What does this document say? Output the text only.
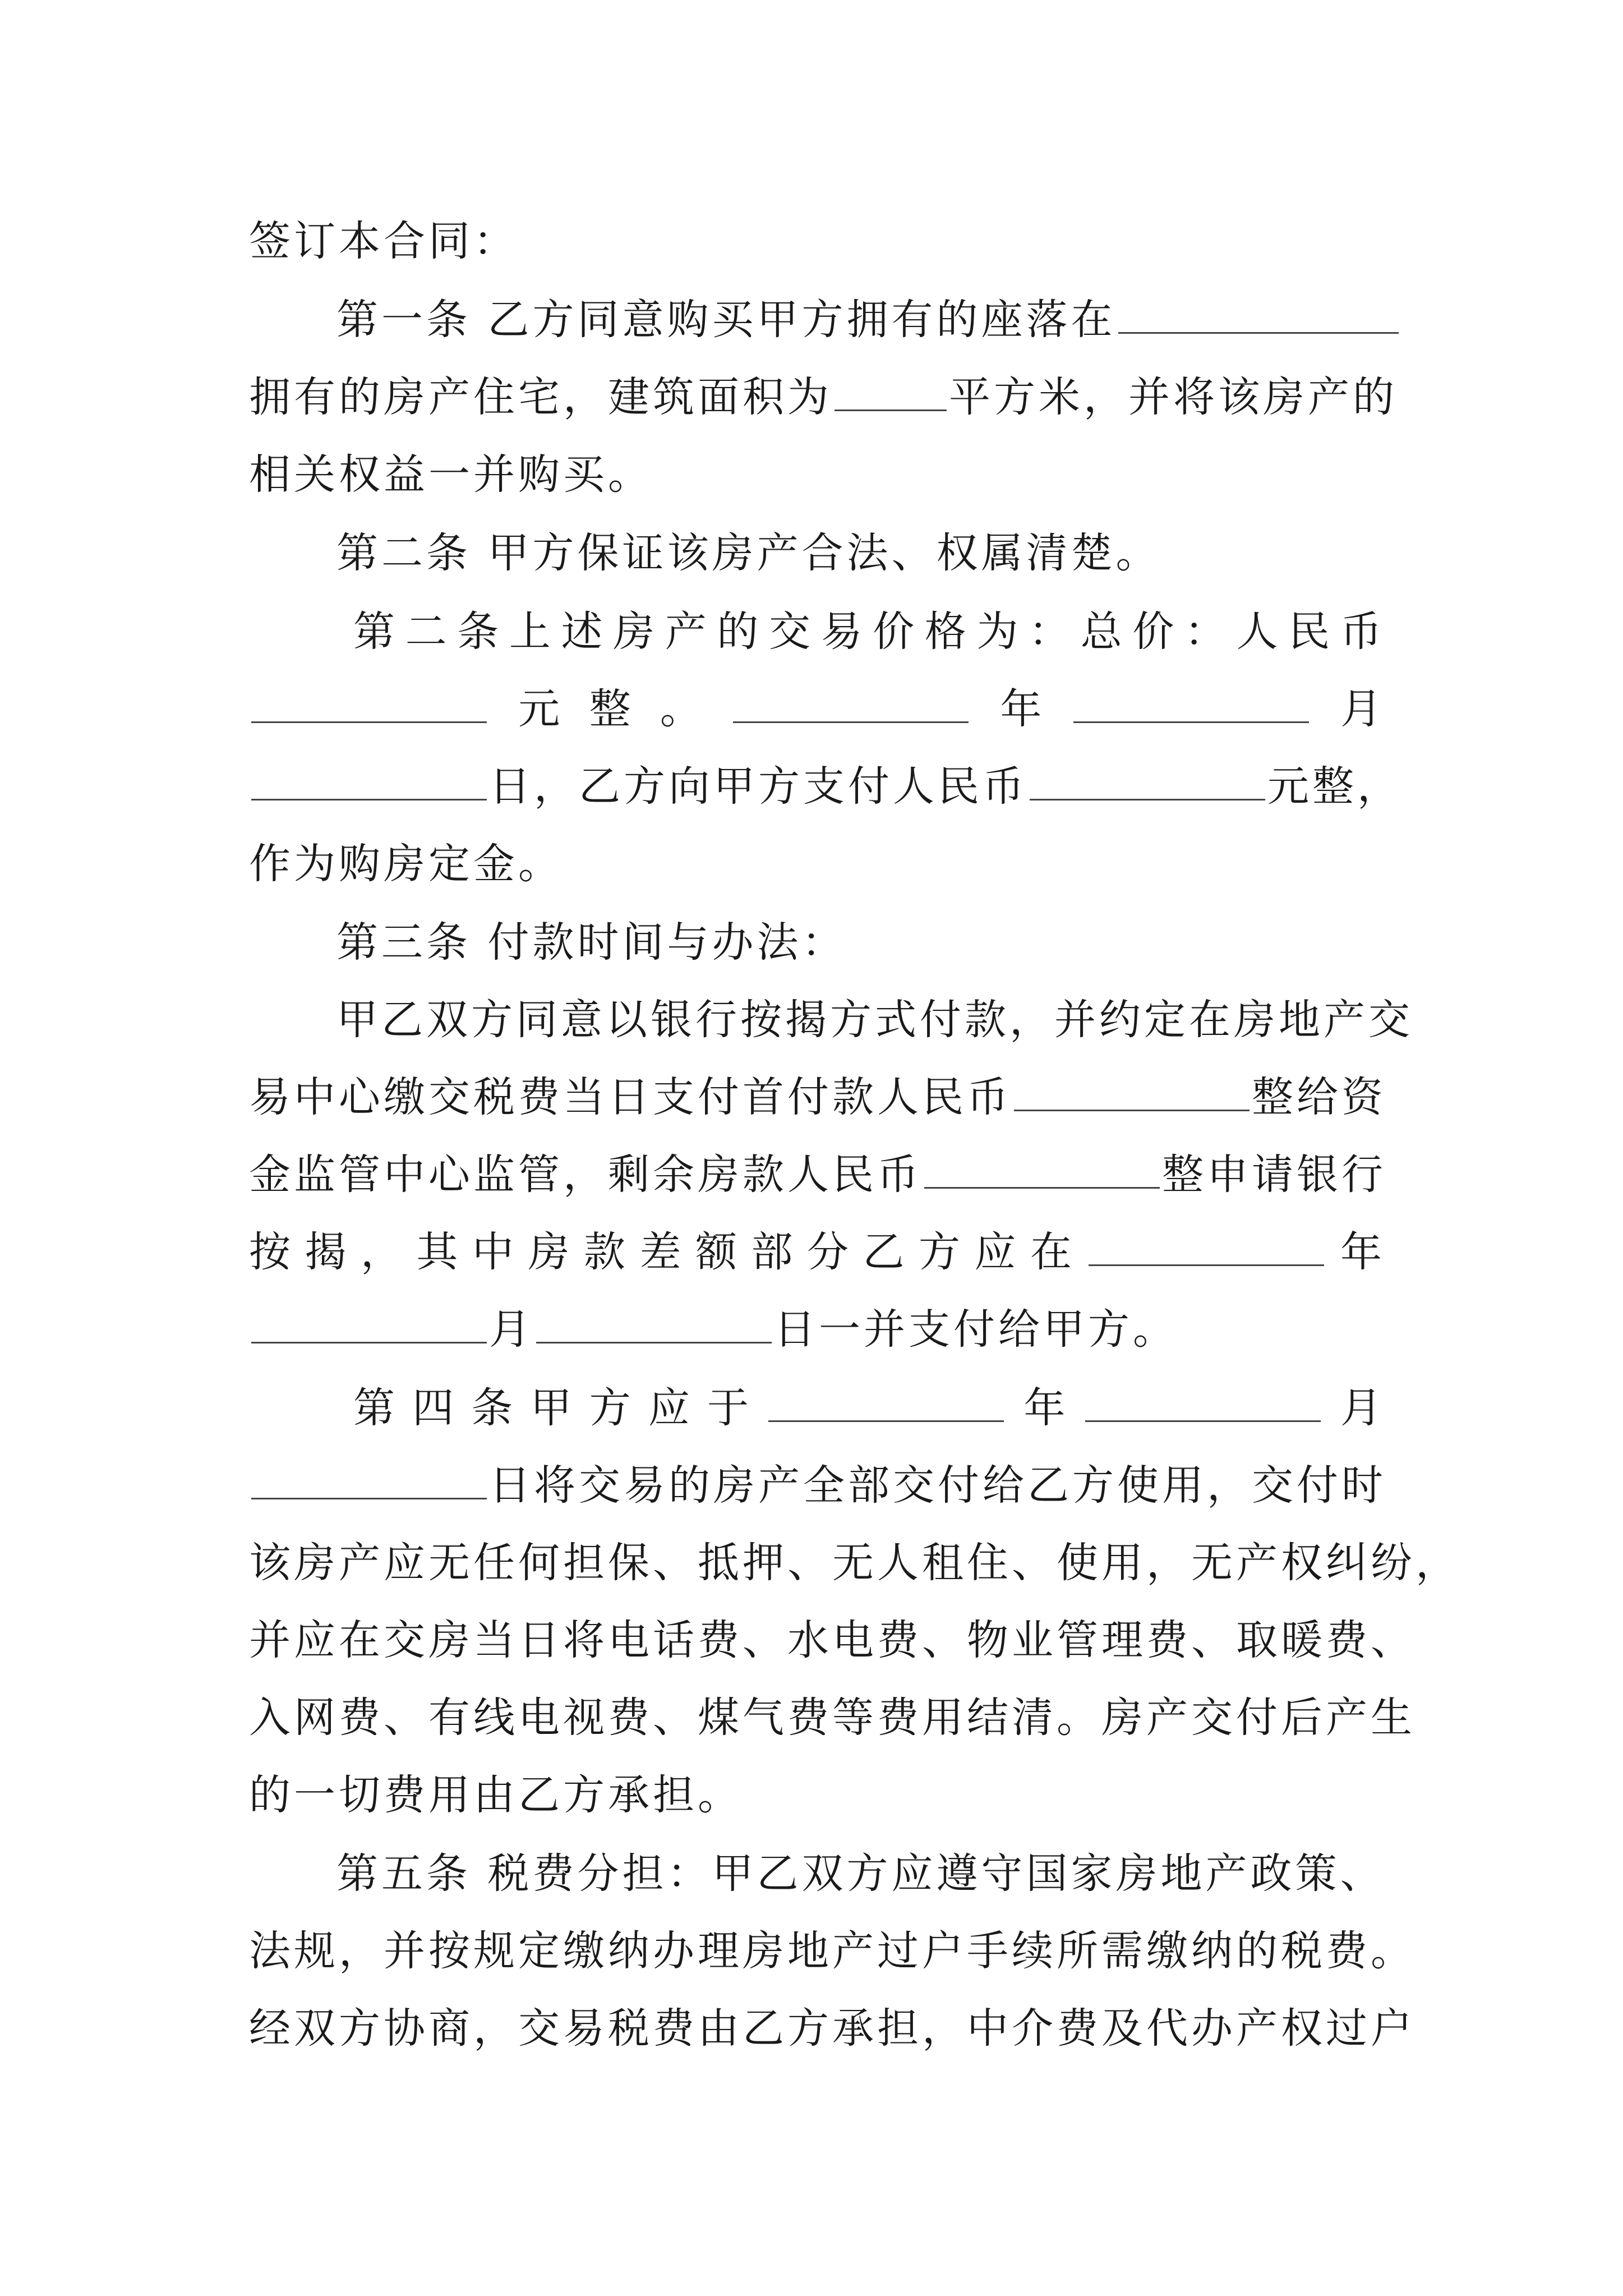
签订本合同：
第一条 乙方同意购买甲方拥有的座落在
拥有的房产住宅，建筑面积为	平方米，并将该房产的
相关权益一并购买。
第二条 甲方保证该房产合法、权属清楚。
第 二 条 上 述 房 产 的 交 易 价 格 为 ： 总 价 ： 人 民 币
元 整 。	年	月
日，乙方向甲方支付人民币	元整，
作为购房定金。
第三条 付款时间与办法：
甲乙双方同意以银行按揭方式付款，并约定在房地产交
易中心缴交税费当日支付首付款人民币	整给资
金监管中心监管，剩余房款人民币	整申请银行
按 揭 ， 其 中 房 款 差 额 部 分 乙 方 应 在	年
月	日一并支付给甲方。
第 四 条 甲 方 应 于	年	月
日将交易的房产全部交付给乙方使用，交付时
该房产应无任何担保、抵押、无人租住、使用，无产权纠纷，
并应在交房当日将电话费、水电费、物业管理费、取暖费、
入网费、有线电视费、煤气费等费用结清。房产交付后产生
的一切费用由乙方承担。
第五条 税费分担：甲乙双方应遵守国家房地产政策、
法规，并按规定缴纳办理房地产过户手续所需缴纳的税费。
经双方协商，交易税费由乙方承担，中介费及代办产权过户
